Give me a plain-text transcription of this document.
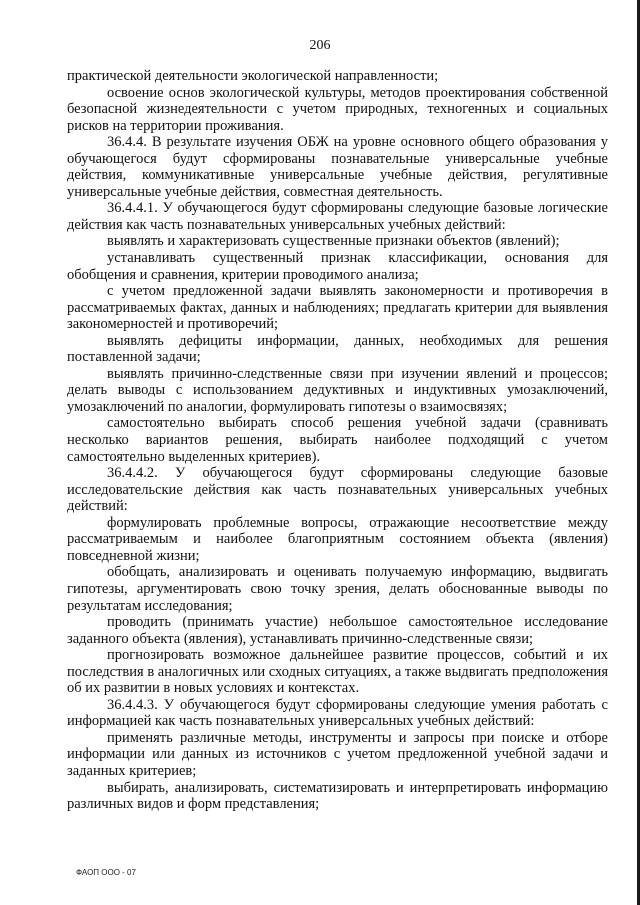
206

практической деятельности экологической направленности;

освоение основ экологической культуры, методов проектирования собственной безопасной жизнедеятельности с учетом природных, техногенных и социальных рисков на территории проживания.

36.4.4. В результате изучения ОБЖ на уровне основного общего образования у обучающегося будут сформированы познавательные универсальные учебные действия, коммуникативные универсальные учебные действия, регулятивные универсальные учебные действия, совместная деятельность.

36.4.4.1. У обучающегося будут сформированы следующие базовые логические действия как часть познавательных универсальных учебных действий:

выявлять и характеризовать существенные признаки объектов (явлений);

устанавливать существенный признак классификации, основания для обобщения и сравнения, критерии проводимого анализа;

с учетом предложенной задачи выявлять закономерности и противоречия в рассматриваемых фактах, данных и наблюдениях; предлагать критерии для выявления закономерностей и противоречий;

выявлять дефициты информации, данных, необходимых для решения поставленной задачи;

выявлять причинно-следственные связи при изучении явлений и процессов; делать выводы с использованием дедуктивных и индуктивных умозаключений, умозаключений по аналогии, формулировать гипотезы о взаимосвязях;

самостоятельно выбирать способ решения учебной задачи (сравнивать несколько вариантов решения, выбирать наиболее подходящий с учетом самостоятельно выделенных критериев).

36.4.4.2. У обучающегося будут сформированы следующие базовые исследовательские действия как часть познавательных универсальных учебных действий:

формулировать проблемные вопросы, отражающие несоответствие между рассматриваемым и наиболее благоприятным состоянием объекта (явления) повседневной жизни;

обобщать, анализировать и оценивать получаемую информацию, выдвигать гипотезы, аргументировать свою точку зрения, делать обоснованные выводы по результатам исследования;

проводить (принимать участие) небольшое самостоятельное исследование заданного объекта (явления), устанавливать причинно-следственные связи;

прогнозировать возможное дальнейшее развитие процессов, событий и их последствия в аналогичных или сходных ситуациях, а также выдвигать предположения об их развитии в новых условиях и контекстах.

36.4.4.3. У обучающегося будут сформированы следующие умения работать с информацией как часть познавательных универсальных учебных действий:

применять различные методы, инструменты и запросы при поиске и отборе информации или данных из источников с учетом предложенной учебной задачи и заданных критериев;

выбирать, анализировать, систематизировать и интерпретировать информацию различных видов и форм представления;

ФАОП ООО - 07
